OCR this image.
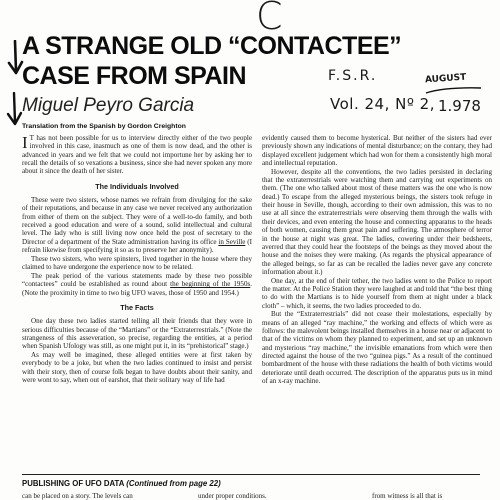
C
F.S.R.	AUGUST
Vol. 24, Nº 2, 1.978
A STRANGE OLD “CONTACTEE”
CASE FROM SPAIN
Miguel Peyro Garcia
Translation from the Spanish by Gordon Creighton

I T has not been possible for us to interview directly either of the two people involved in this case, inasmuch as one of them is now dead, and the other is advanced in years and we felt that we could not importune her by asking her to recall the details of so vexations a business, since she had never spoken any more about it since the death of her sister.

The Individuals Involved

These were two sisters, whose names we refrain from divulging for the sake of their reputations, and because in any case we never received any authorization from either of them on the subject. They were of a well-to-do family, and both received a good education and were of a sound, solid intellectual and cultural level. The lady who is still living now once held the post of secretary to the Director of a department of the State administration having its office in Seville (I refrain likewise from specifying it so as to preserve her anonymity).

These two sisters, who were spinsters, lived together in the house where they claimed to have undergone the experience now to be related.

The peak period of the various statements made by these two possible “contactees” could be established as round about the beginning of the 1950s. (Note the proximity in time to two big UFO waves, those of 1950 and 1954.)

The Facts

One day these two ladies started telling all their friends that they were in serious difficulties because of the “Martians” or the “Extraterrestrials.” (Note the strangeness of this asseveration, so precise, regarding the entities, at a period when Spanish Ufology was still, as one might put it, in its “prehistorical” stage.)

As may well be imagined, these alleged entities were at first taken by everybody to be a joke, but when the two ladies continued to insist and persist with their story, then of course folk began to have doubts about their sanity, and were wont to say, when out of earshot, that their solitary way of life had

evidently caused them to become hysterical. But neither of the sisters had ever previously shown any indications of mental disturbance; on the contary, they had displayed excellent judgement which had won for them a consistently high moral and intellectual reputation.

However, despite all the conventions, the two ladies persisted in declaring that the extraterrestrials were watching them and carrying out experiments on them. (The one who talked about most of these matters was the one who is now dead.) To escape from the alleged mysterious beings, the sisters took refuge in their house in Seville, though, according to their own admission, this was to no use at all since the extraterrestrials were observing them through the walls with their devices, and even entering the house and connecting apparatus to the heads of both women, causing them great pain and suffering. The atmosphere of terror in the house at night was great. The ladies, cowering under their bedsheets, averred that they could hear the footsteps of the beings as they moved about the house and the noises they were making. (As regards the physical appearance of the alleged beings, so far as can be recalled the ladies never gave any concrete information about it.)

One day, at the end of their tether, the two ladies went to the Police to report the matter. At the Police Station they were laughed at and told that “the best thing to do with the Martians is to hide yourself from them at night under a black cloth” – which, it seems, the two ladies proceeded to do.

But the “Extraterrestrials” did not cease their molestations, especially by means of an alleged “ray machine,” the working and effects of which were as follows: the malevolent beings installed themselves in a house near or adjacent to that of the victims on whom they planned to experiment, and set up an unknown and mysterious “ray machine,” the invisible emanations from which were then directed against the house of the two “guinea pigs.” As a result of the continued bombardment of the house with these radiations the health of both victims would deteriorate until death occurred. The description of the apparatus puts us in mind of an x-ray machine.

PUBLISHING OF UFO DATA (Continued from page 22)
can be placed on a story. The levels can	under proper conditions.	from witness is all that is
